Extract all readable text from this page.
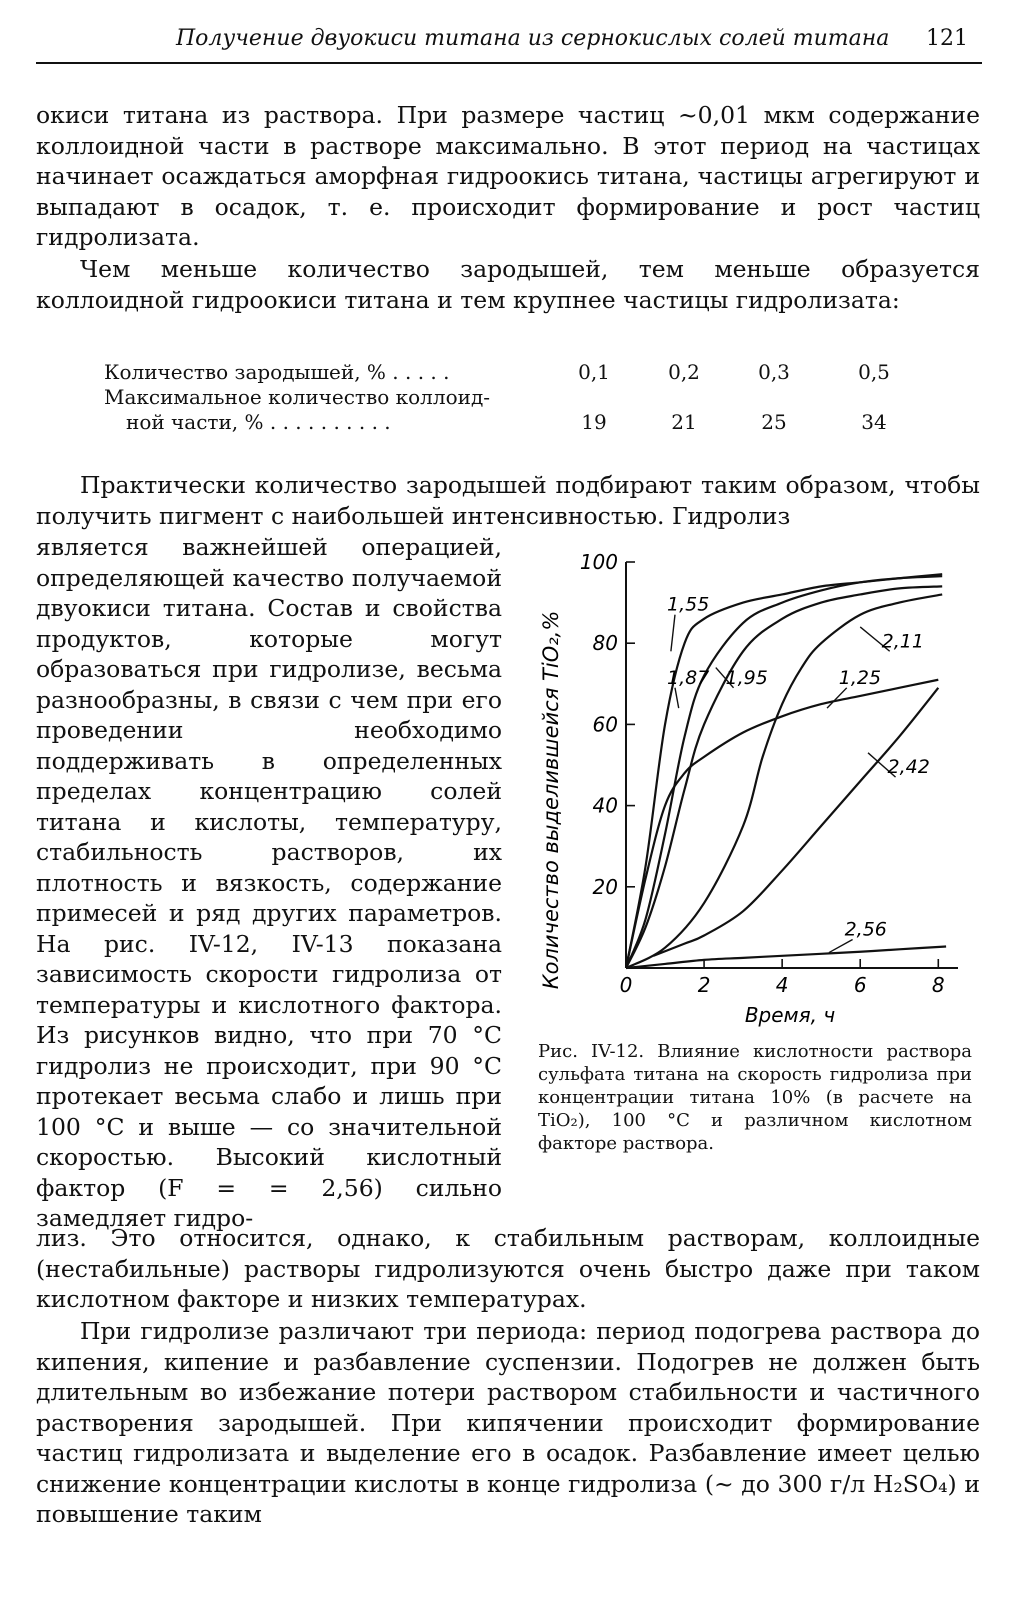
Получение двуокиси титана из сернокислых солей титана 121

окиси титана из раствора. При размере частиц ~0,01 мкм содержание коллоидной части в растворе максимально. В этот период на частицах начинает осаждаться аморфная гидроокись титана, частицы агрегируют и выпадают в осадок, т. е. происходит формирование и рост частиц гидролизата.

Чем меньше количество зародышей, тем меньше образуется коллоидной гидроокиси титана и тем крупнее частицы гидролизата:

Количество зародышей, % . . . . .	0,1	0,2	0,3	0,5
Максимальное количество коллоид-
ной части, % . . . . . . . . . .	19	21	25	34

Практически количество зародышей подбирают таким образом, чтобы получить пигмент с наибольшей интенсивностью. Гидролиз

является важнейшей операцией, определяющей качество получаемой двуокиси титана. Состав и свойства продуктов, которые могут образоваться при гидролизе, весьма разнообразны, в связи с чем при его проведении необходимо поддерживать в определенных пределах концентрацию солей титана и кислоты, температуру, стабильность растворов, их плотность и вязкость, содержание примесей и ряд других параметров. На рис. IV-12, IV-13 показана зависимость скорости гидролиза от температуры и кислотного фактора. Из рисунков видно, что при 70 °С гидролиз не происходит, при 90 °С протекает весьма слабо и лишь при 100 °С и выше — со значительной скоростью. Высокий кислотный фактор (F = = 2,56) сильно замедляет гидро-
0	2	4	6	8
20
40
60
80
100
1,55
1,87 1,95
2,11
1,25
2,42
2,56
Количество выделившейся TiO₂,%
Время, ч
Рис. IV-12. Влияние кислотности раствора сульфата титана на скорость гидролиза при концентрации титана 10% (в расчете на TiO₂), 100 °С и различном кислотном факторе раствора.

лиз. Это относится, однако, к стабильным растворам, коллоидные (нестабильные) растворы гидролизуются очень быстро даже при таком кислотном факторе и низких температурах.

При гидролизе различают три периода: период подогрева раствора до кипения, кипение и разбавление суспензии. Подогрев не должен быть длительным во избежание потери раствором стабильности и частичного растворения зародышей. При кипячении происходит формирование частиц гидролизата и выделение его в осадок. Разбавление имеет целью снижение концентрации кислоты в конце гидролиза (~ до 300 г/л H₂SO₄) и повышение таким
